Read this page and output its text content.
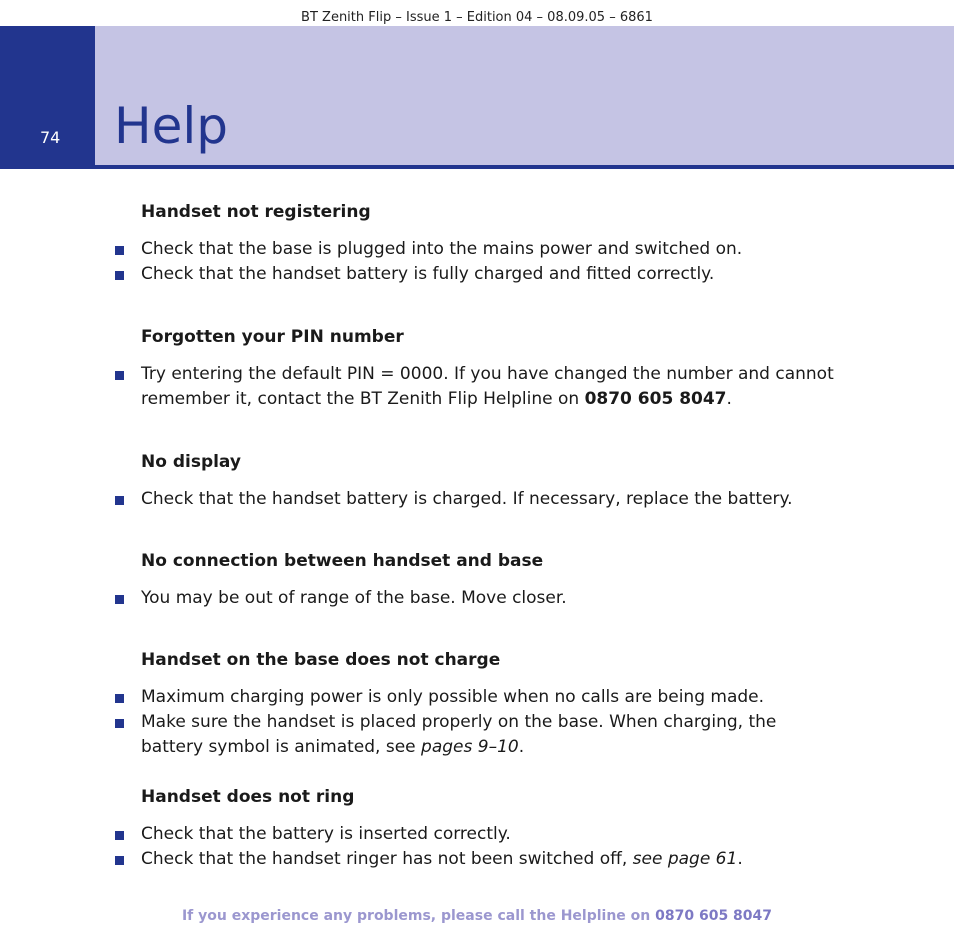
BT Zenith Flip – Issue 1 – Edition 04 – 08.09.05 – 6861
74	Help
Handset not registering
Check that the base is plugged into the mains power and switched on.
Check that the handset battery is fully charged and fitted correctly.
Forgotten your PIN number
Try entering the default PIN = 0000. If you have changed the number and cannot remember it, contact the BT Zenith Flip Helpline on 0870 605 8047.
No display
Check that the handset battery is charged. If necessary, replace the battery.
No connection between handset and base
You may be out of range of the base. Move closer.
Handset on the base does not charge
Maximum charging power is only possible when no calls are being made.
Make sure the handset is placed properly on the base. When charging, the battery symbol is animated, see pages 9–10.
Handset does not ring
Check that the battery is inserted correctly.
Check that the handset ringer has not been switched off, see page 61.
If you experience any problems, please call the Helpline on 0870 605 8047
